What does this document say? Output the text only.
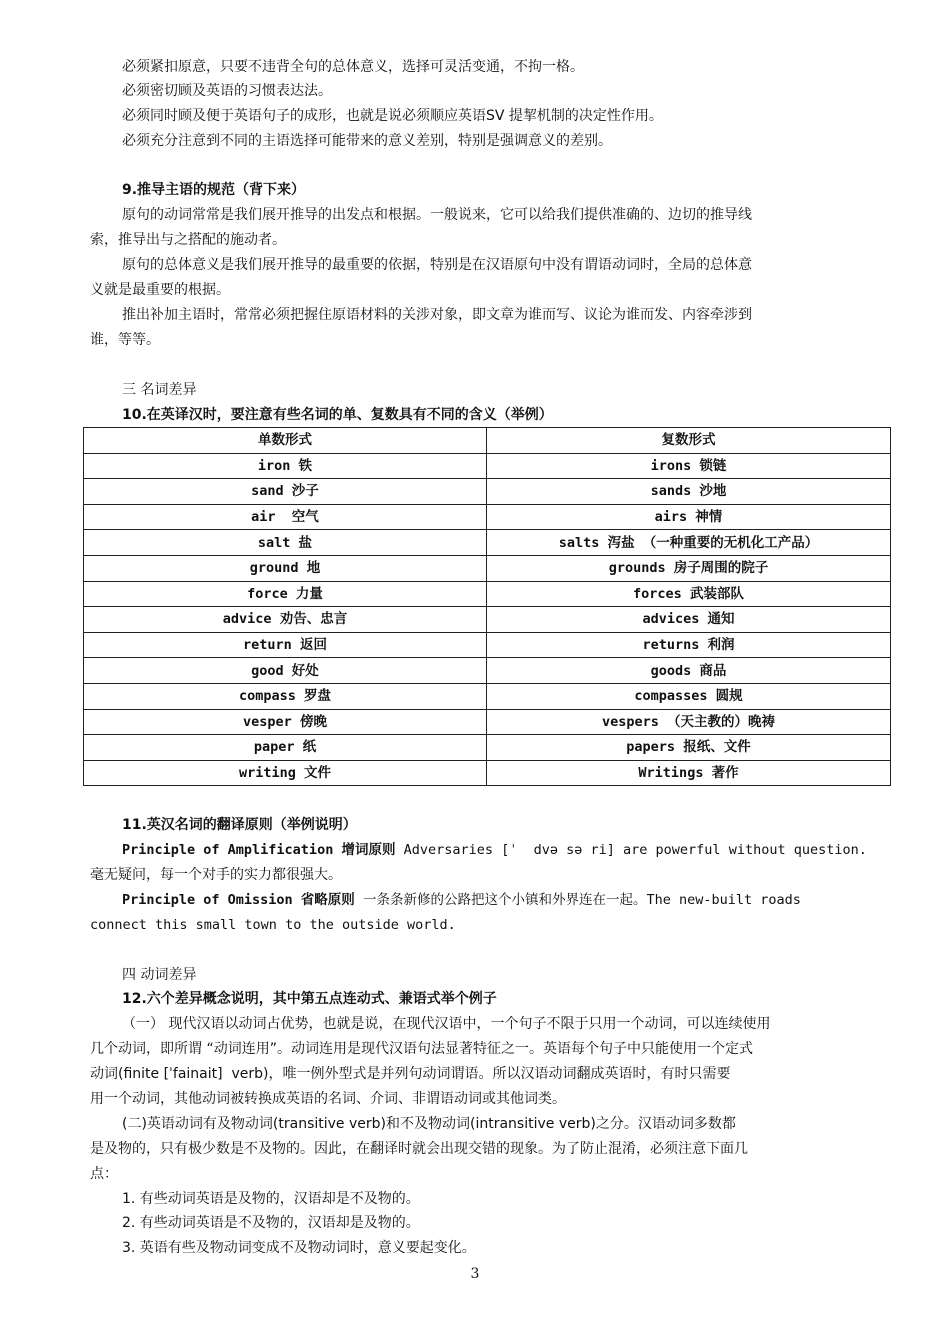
必须紧扣原意，只要不违背全句的总体意义，选择可灵活变通，不拘一格。
必须密切顾及英语的习惯表达法。
必须同时顾及便于英语句子的成形，也就是说必须顺应英语SV 提挈机制的决定性作用。
必须充分注意到不同的主语选择可能带来的意义差别，特别是强调意义的差别。
9.推导主语的规范（背下来）
原句的动词常常是我们展开推导的出发点和根据。一般说来，它可以给我们提供准确的、边切的推导线
索，推导出与之搭配的施动者。
原句的总体意义是我们展开推导的最重要的依据，特别是在汉语原句中没有谓语动词时，全局的总体意
义就是最重要的根据。
推出补加主语时，常常必须把握住原语材料的关涉对象，即文章为谁而写、议论为谁而发、内容牵涉到
谁，等等。
三 名词差异
10.在英译汉时，要注意有些名词的单、复数具有不同的含义（举例）
单数形式	复数形式
iron 铁	irons 锁链
sand 沙子	sands 沙地
air  空气	airs 神情
salt 盐	salts 泻盐 （一种重要的无机化工产品）
ground 地	grounds 房子周围的院子
force 力量	forces 武装部队
advice 劝告、忠言	advices 通知
return 返回	returns 利润
good 好处	goods 商品
compass 罗盘	compasses 圆规
vesper 傍晚	vespers （天主教的）晚祷
paper 纸	papers 报纸、文件
writing 文件	Writings 著作
11.英汉名词的翻译原则（举例说明）
Principle of Amplification 增词原则 Adversaries [ˈ  dvə sə ri] are powerful without question.
毫无疑问，每一个对手的实力都很强大。
Principle of Omission 省略原则 一条条新修的公路把这个小镇和外界连在一起。The new-built roads
connect this small town to the outside world.
四 动词差异
12.六个差异概念说明，其中第五点连动式、兼语式举个例子
（一） 现代汉语以动词占优势，也就是说，在现代汉语中，一个句子不限于只用一个动词，可以连续使用
几个动词，即所谓 “动词连用”。动词连用是现代汉语句法显著特征之一。英语每个句子中只能使用一个定式
动词(finite [ˈfainait]  verb)，唯一例外型式是并列句动词谓语。所以汉语动词翻成英语时，有时只需要
用一个动词，其他动词被转换成英语的名词、介词、非谓语动词或其他词类。
(二)英语动词有及物动词(transitive verb)和不及物动词(intransitive verb)之分。汉语动词多数都
是及物的，只有极少数是不及物的。因此，在翻译时就会出现交错的现象。为了防止混淆，必须注意下面几
点：
1. 有些动词英语是及物的，汉语却是不及物的。
2. 有些动词英语是不及物的，汉语却是及物的。
3. 英语有些及物动词变成不及物动词时，意义要起变化。
3
